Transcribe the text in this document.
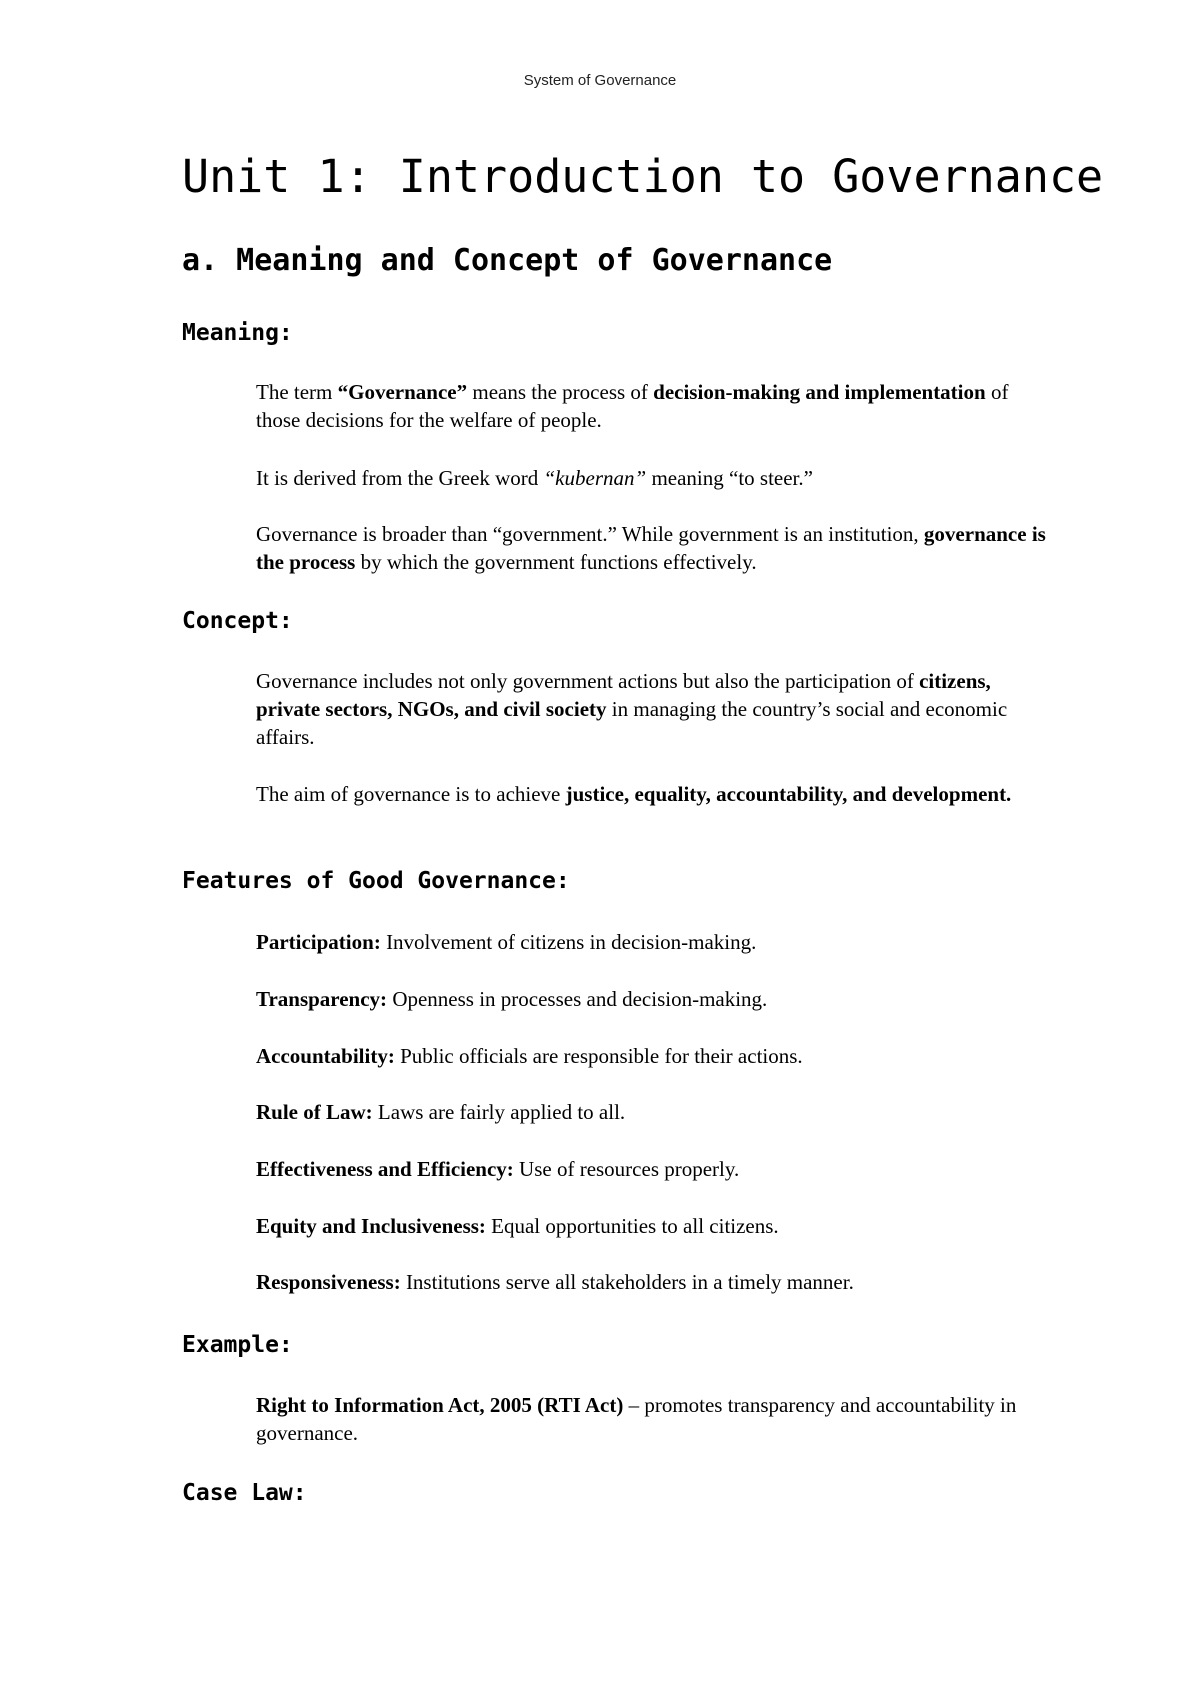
System of Governance
Unit 1: Introduction to Governance
a. Meaning and Concept of Governance
Meaning:

The term “Governance” means the process of decision-making and implementation of those decisions for the welfare of people.

It is derived from the Greek word “kubernan” meaning “to steer.”

Governance is broader than “government.” While government is an institution, governance is the process by which the government functions effectively.

Concept:

Governance includes not only government actions but also the participation of citizens, private sectors, NGOs, and civil society in managing the country’s social and economic affairs.

The aim of governance is to achieve justice, equality, accountability, and development.

Features of Good Governance:

Participation: Involvement of citizens in decision-making.

Transparency: Openness in processes and decision-making.

Accountability: Public officials are responsible for their actions.

Rule of Law: Laws are fairly applied to all.

Effectiveness and Efficiency: Use of resources properly.

Equity and Inclusiveness: Equal opportunities to all citizens.

Responsiveness: Institutions serve all stakeholders in a timely manner.

Example:

Right to Information Act, 2005 (RTI Act) – promotes transparency and accountability in governance.

Case Law:
